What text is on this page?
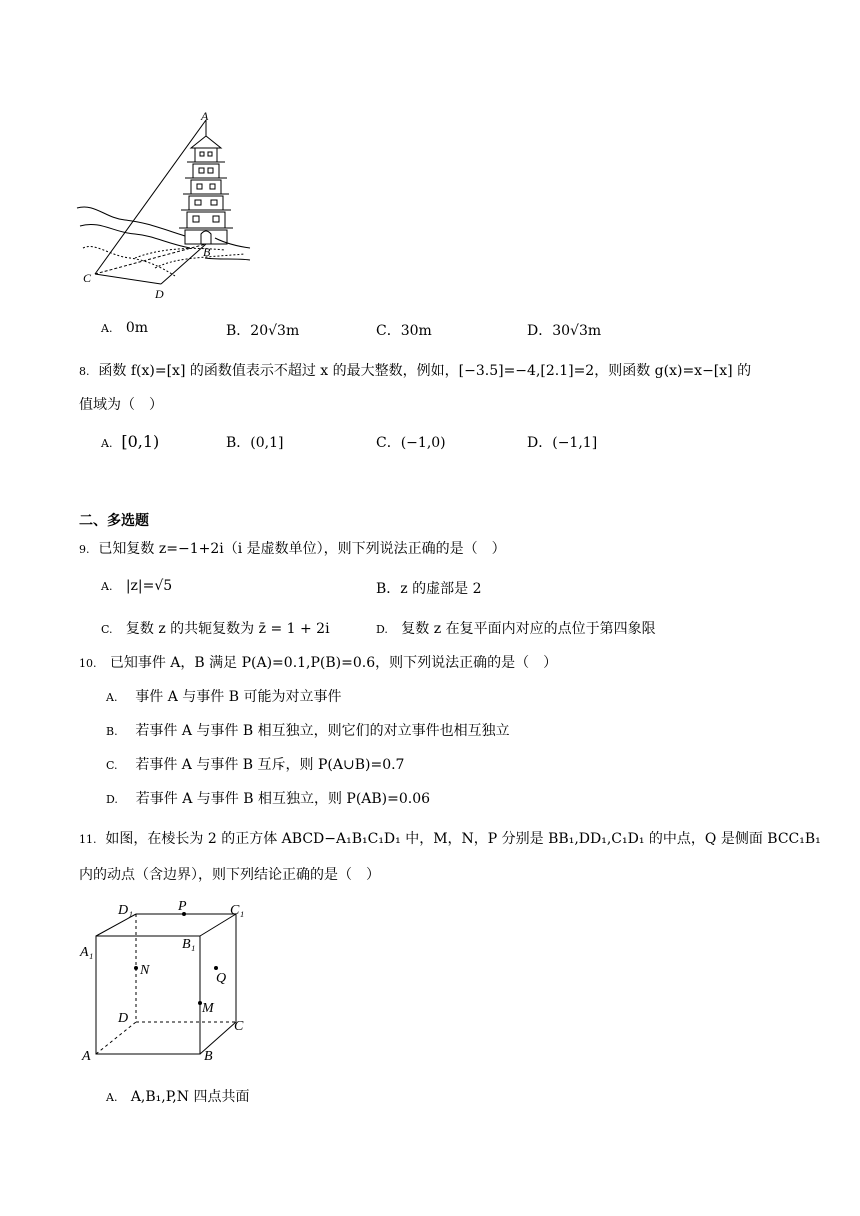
A
B
C
D
A. 0m	B．20√3m	C．30m	D．30√3m
8. 函数 f(x)=[x] 的函数值表示不超过 x 的最大整数，例如，[−3.5]=−4,[2.1]=2，则函数 g(x)=x−[x] 的
值域为（　）
A. [0,1)	B．(0,1]	C．(−1,0)	D．(−1,1]
二、多选题
9. 已知复数 z=−1+2i（i 是虚数单位），则下列说法正确的是（　）
A. |z|=√5	B．z 的虚部是 2
C. 复数 z 的共轭复数为 z̄ = 1 + 2i	D. 复数 z 在复平面内对应的点位于第四象限
10. 已知事件 A，B 满足 P(A)=0.1,P(B)=0.6，则下列说法正确的是（　）
A. 事件 A 与事件 B 可能为对立事件
B. 若事件 A 与事件 B 相互独立，则它们的对立事件也相互独立
C. 若事件 A 与事件 B 互斥，则 P(A∪B)=0.7
D. 若事件 A 与事件 B 相互独立，则 P(AB)=0.06
11. 如图，在棱长为 2 的正方体 ABCD−A₁B₁C₁D₁ 中，M，N，P 分别是 BB₁,DD₁,C₁D₁ 的中点，Q 是侧面 BCC₁B₁
内的动点（含边界），则下列结论正确的是（　）
D₁	P	C₁
A₁
B₁
N
Q
M
D
C
A	B
A. A,B₁,P,N 四点共面
